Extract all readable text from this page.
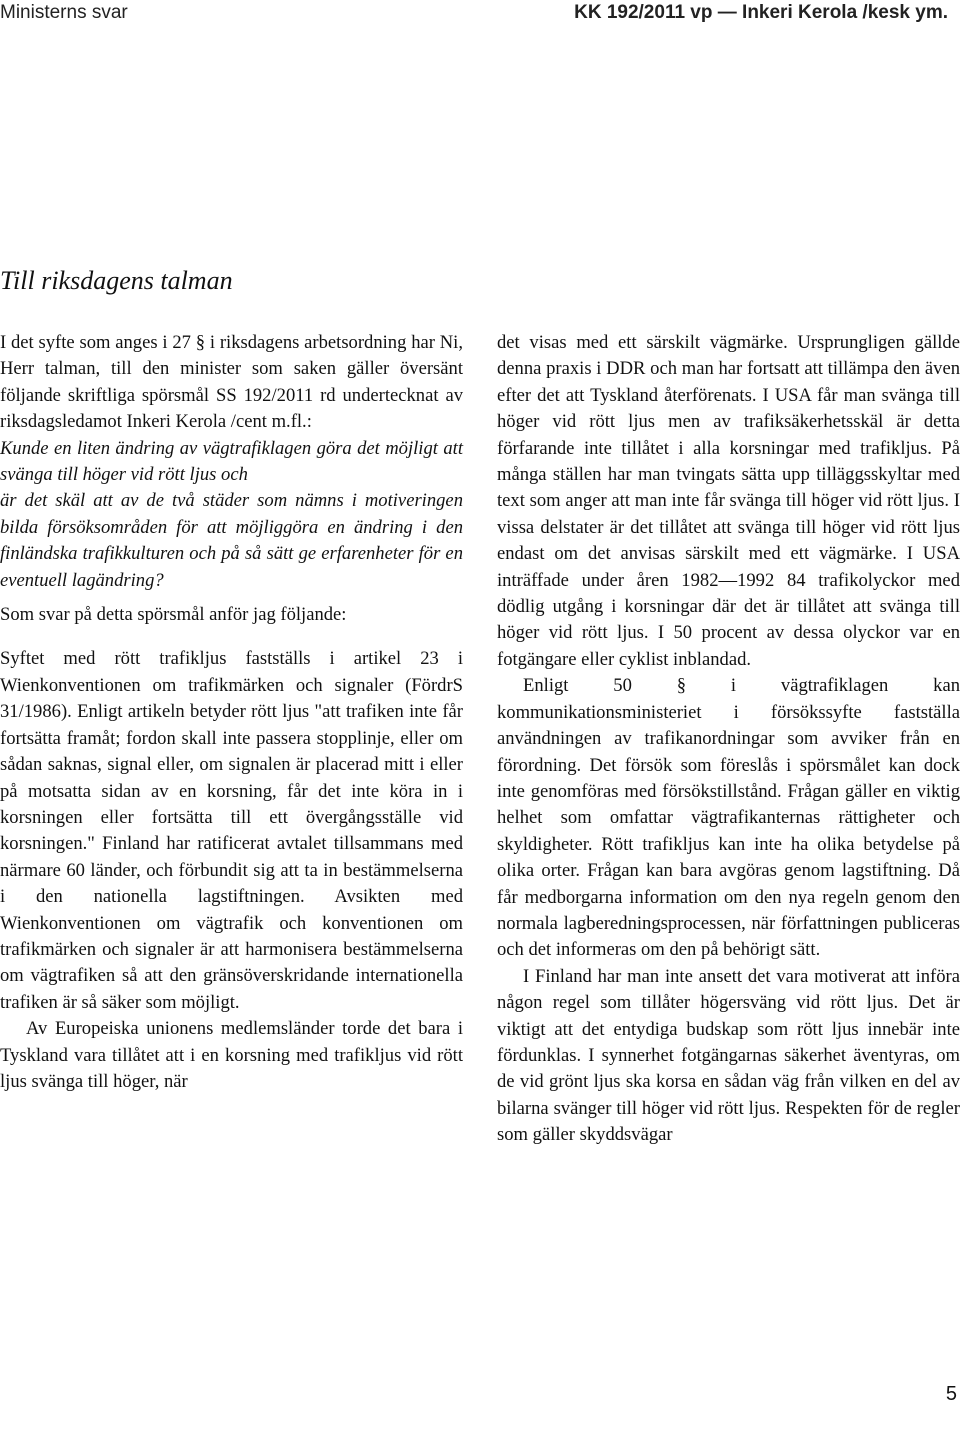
Ministerns svar	KK 192/2011 vp — Inkeri Kerola /kesk ym.
Till riksdagens talman

I det syfte som anges i 27 § i riksdagens arbetsordning har Ni, Herr talman, till den minister som saken gäller översänt följande skriftliga spörsmål SS 192/2011 rd undertecknat av riksdagsledamot Inkeri Kerola /cent m.fl.:

Kunde en liten ändring av vägtrafiklagen göra det möjligt att svänga till höger vid rött ljus och

är det skäl att av de två städer som nämns i motiveringen bilda försöksområden för att möjliggöra en ändring i den finländska trafikkulturen och på så sätt ge erfarenheter för en eventuell lagändring?

Som svar på detta spörsmål anför jag följande:

Syftet med rött trafikljus fastställs i artikel 23 i Wienkonventionen om trafikmärken och signaler (FördrS 31/1986). Enligt artikeln betyder rött ljus "att trafiken inte får fortsätta framåt; fordon skall inte passera stopplinje, eller om sådan saknas, signal eller, om signalen är placerad mitt i eller på motsatta sidan av en korsning, får det inte köra in i korsningen eller fortsätta till ett övergångsställe vid korsningen." Finland har ratificerat avtalet tillsammans med närmare 60 länder, och förbundit sig att ta in bestämmelserna i den nationella lagstiftningen. Avsikten med Wienkonventionen om vägtrafik och konventionen om trafikmärken och signaler är att harmonisera bestämmelserna om vägtrafiken så att den gränsöverskridande internationella trafiken är så säker som möjligt.

Av Europeiska unionens medlemsländer torde det bara i Tyskland vara tillåtet att i en korsning med trafikljus vid rött ljus svänga till höger, när

det visas med ett särskilt vägmärke. Ursprungligen gällde denna praxis i DDR och man har fortsatt att tillämpa den även efter det att Tyskland återförenats. I USA får man svänga till höger vid rött ljus men av trafiksäkerhetsskäl är detta förfarande inte tillåtet i alla korsningar med trafikljus. På många ställen har man tvingats sätta upp tilläggsskyltar med text som anger att man inte får svänga till höger vid rött ljus. I vissa delstater är det tillåtet att svänga till höger vid rött ljus endast om det anvisas särskilt med ett vägmärke. I USA inträffade under åren 1982—1992 84 trafikolyckor med dödlig utgång i korsningar där det är tillåtet att svänga till höger vid rött ljus. I 50 procent av dessa olyckor var en fotgängare eller cyklist inblandad.

Enligt 50 § i vägtrafiklagen kan kommunikationsministeriet i försökssyfte fastställa användningen av trafikanordningar som avviker från en förordning. Det försök som föreslås i spörsmålet kan dock inte genomföras med försökstillstånd. Frågan gäller en viktig helhet som omfattar vägtrafikanternas rättigheter och skyldigheter. Rött trafikljus kan inte ha olika betydelse på olika orter. Frågan kan bara avgöras genom lagstiftning. Då får medborgarna information om den nya regeln genom den normala lagberedningsprocessen, när författningen publiceras och det informeras om den på behörigt sätt.

I Finland har man inte ansett det vara motiverat att införa någon regel som tillåter högersväng vid rött ljus. Det är viktigt att det entydiga budskap som rött ljus innebär inte fördunklas. I synnerhet fotgängarnas säkerhet äventyras, om de vid grönt ljus ska korsa en sådan väg från vilken en del av bilarna svänger till höger vid rött ljus. Respekten för de regler som gäller skyddsvägar

5
